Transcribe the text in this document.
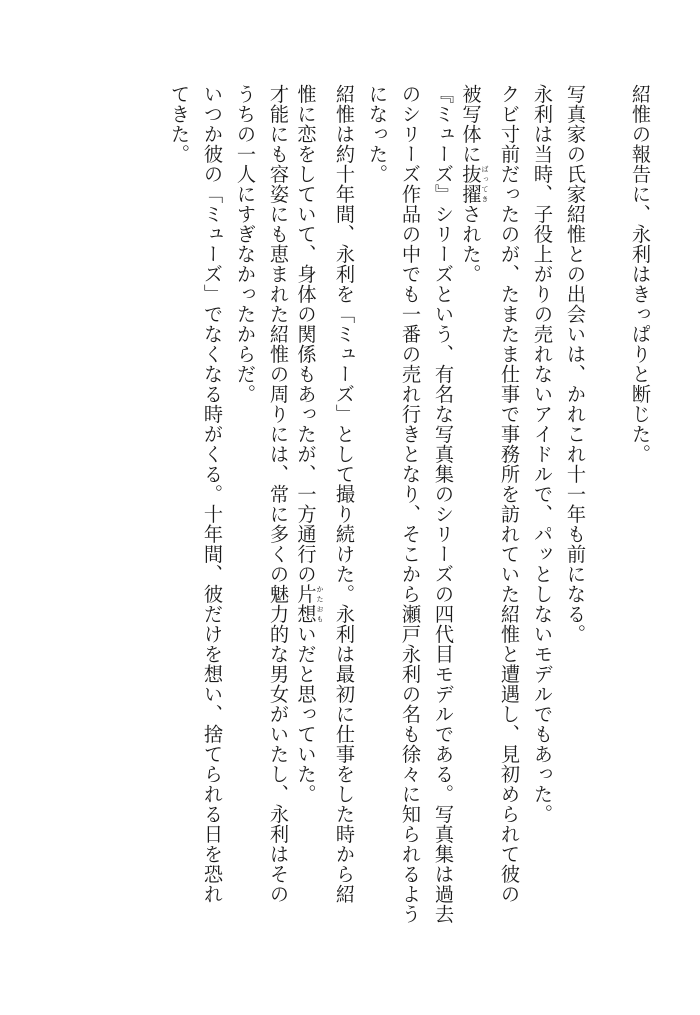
紹惟の報告に、永利はきっぱりと断じた。
写真家の氏家紹惟との出会いは、かれこれ十一年も前になる。
永利は当時、子役上がりの売れないアイドルで、パッとしないモデルでもあった。
クビ寸前だったのが、たまたま仕事で事務所を訪れていた紹惟と遭遇し、見初められて彼の
被写体に抜擢ばってきされた。
『ミューズ』シリーズという、有名な写真集のシリーズの四代目モデルである。写真集は過去
のシリーズ作品の中でも一番の売れ行きとなり、そこから瀬戸永利の名も徐々に知られるよう
になった。
紹惟は約十年間、永利を「ミューズ」として撮り続けた。永利は最初に仕事をした時から紹
惟に恋をしていて、身体の関係もあったが、一方通行の片想かたおもいだと思っていた。
才能にも容姿にも恵まれた紹惟の周りには、常に多くの魅力的な男女がいたし、永利はその
うちの一人にすぎなかったからだ。
いつか彼の「ミューズ」でなくなる時がくる。十年間、彼だけを想い、捨てられる日を恐れ
てきた。
